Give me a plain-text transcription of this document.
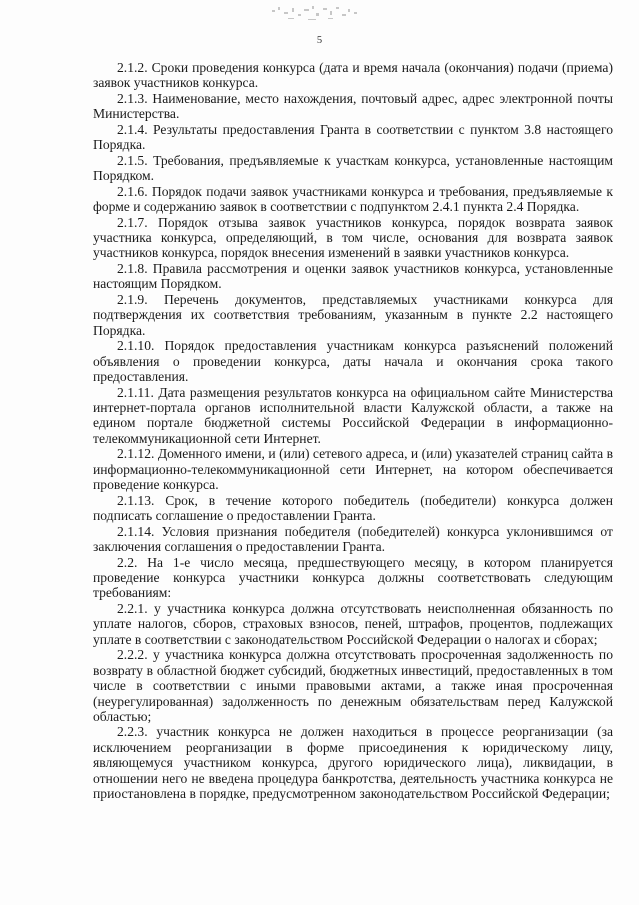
5

2.1.2. Сроки проведения конкурса (дата и время начала (окончания) подачи (приема) заявок участников конкурса.

2.1.3. Наименование, место нахождения, почтовый адрес, адрес электронной почты Министерства.

2.1.4. Результаты предоставления Гранта в соответствии с пунктом 3.8 настоящего Порядка.

2.1.5. Требования, предъявляемые к участкам конкурса, установленные настоящим Порядком.

2.1.6. Порядок подачи заявок участниками конкурса и требования, предъявляемые к форме и содержанию заявок в соответствии с подпунктом 2.4.1 пункта 2.4 Порядка.

2.1.7. Порядок отзыва заявок участников конкурса, порядок возврата заявок участника конкурса, определяющий, в том числе, основания для возврата заявок участников конкурса, порядок внесения изменений в заявки участников конкурса.

2.1.8. Правила рассмотрения и оценки заявок участников конкурса, установленные настоящим Порядком.

2.1.9. Перечень документов, представляемых участниками конкурса для подтверждения их соответствия требованиям, указанным в пункте 2.2 настоящего Порядка.

2.1.10. Порядок предоставления участникам конкурса разъяснений положений объявления о проведении конкурса, даты начала и окончания срока такого предоставления.

2.1.11. Дата размещения результатов конкурса на официальном сайте Министерства интернет-портала органов исполнительной власти Калужской области, а также на едином портале бюджетной системы Российской Федерации в информационно-телекоммуникационной сети Интернет.

2.1.12. Доменного имени, и (или) сетевого адреса, и (или) указателей страниц сайта в информационно-телекоммуникационной сети Интернет, на котором обеспечивается проведение конкурса.

2.1.13. Срок, в течение которого победитель (победители) конкурса должен подписать соглашение о предоставлении Гранта.

2.1.14. Условия признания победителя (победителей) конкурса уклонившимся от заключения соглашения о предоставлении Гранта.

2.2. На 1-е число месяца, предшествующего месяцу, в котором планируется проведение конкурса участники конкурса должны соответствовать следующим требованиям:

2.2.1. у участника конкурса должна отсутствовать неисполненная обязанность по уплате налогов, сборов, страховых взносов, пеней, штрафов, процентов, подлежащих уплате в соответствии с законодательством Российской Федерации о налогах и сборах;

2.2.2. у участника конкурса должна отсутствовать просроченная задолженность по возврату в областной бюджет субсидий, бюджетных инвестиций, предоставленных в том числе в соответствии с иными правовыми актами, а также иная просроченная (неурегулированная) задолженность по денежным обязательствам перед Калужской областью;

2.2.3. участник конкурса не должен находиться в процессе реорганизации (за исключением реорганизации в форме присоединения к юридическому лицу, являющемуся участником конкурса, другого юридического лица), ликвидации, в отношении него не введена процедура банкротства, деятельность участника конкурса не приостановлена в порядке, предусмотренном законодательством Российской Федерации;
